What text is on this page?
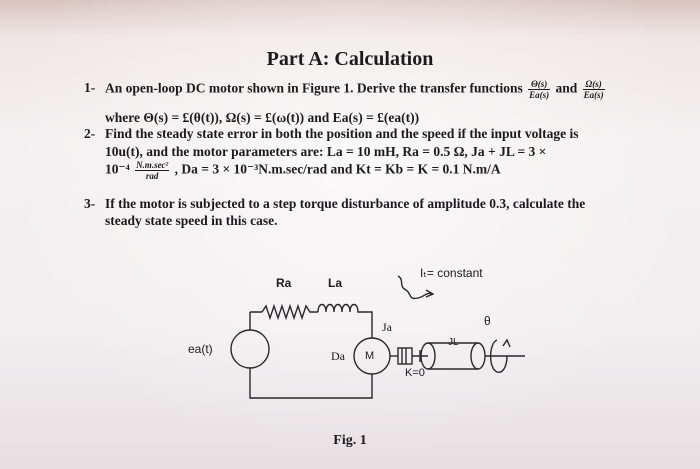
Part A: Calculation
1- An open-loop DC motor shown in Figure 1. Derive the transfer functions $\frac{\Theta(s)}{Ea(s)}$ and $\frac{\Omega(s)}{Ea(s)}$
where Θ(s) = £(θ(t)), Ω(s) = £(ω(t)) and Ea(s) = £(ea(t))
2- Find the steady state error in both the position and the speed if the input voltage is
10u(t), and the motor parameters are: La = 10 mH, Ra = 0.5 Ω, Ja + JL = 3 ×
$10^{-4} \frac{\text{N.m.sec²}}{\text{rad}}$ , Da = 3 × 10⁻³N.m.sec/rad and Kt = Kb = K = 0.1 N.m/A
3- If the motor is subjected to a step torque disturbance of amplitude 0.3, calculate the
steady state speed in this case.
Ra	La
ea(t)
Iₜ= constant
Ja
Da M
JL
K=0
θ
Fig. 1
